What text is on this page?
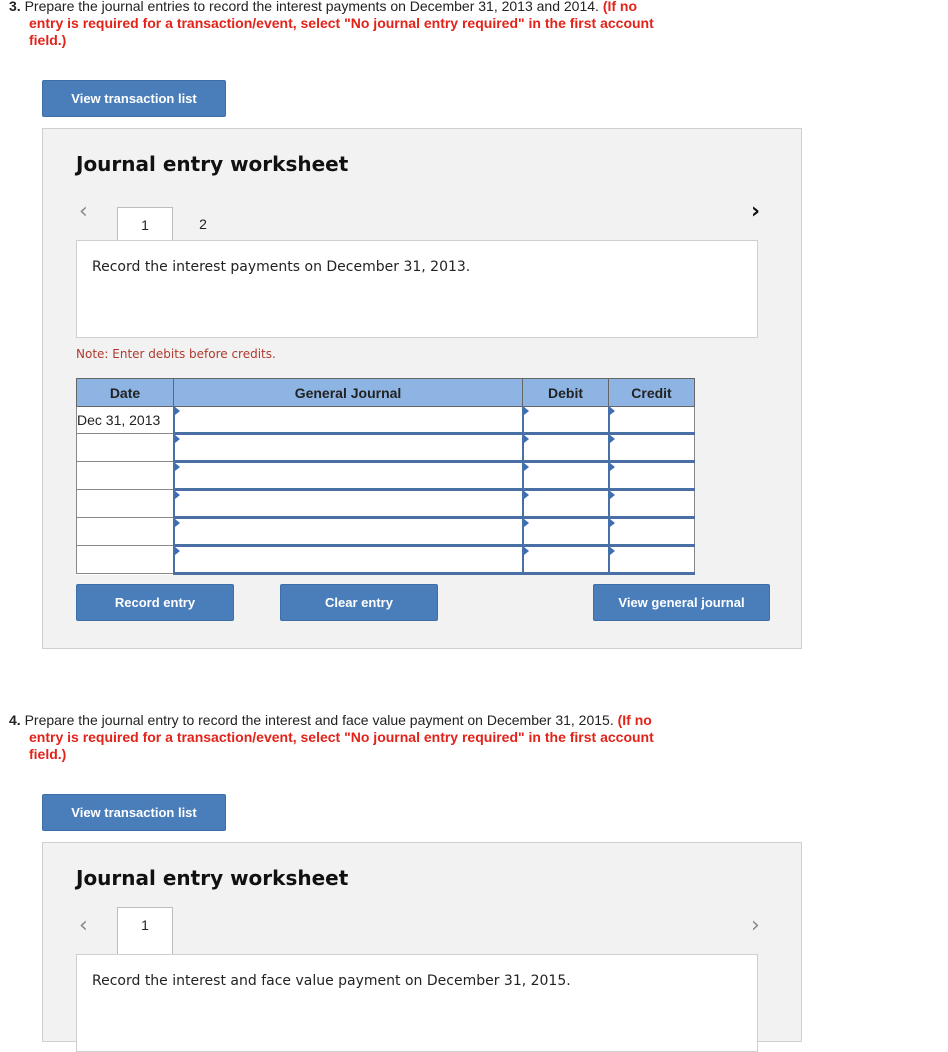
3. Prepare the journal entries to record the interest payments on December 31, 2013 and 2014. (If no
entry is required for a transaction/event, select "No journal entry required" in the first account
field.)
View transaction list
Journal entry worksheet
‹
1	2	›
Record the interest payments on December 31, 2013.
Note: Enter debits before credits.
Date	General Journal	Debit	Credit
Dec 31, 2013	

Record entry	Clear entry	View general journal
4. Prepare the journal entry to record the interest and face value payment on December 31, 2015. (If no
entry is required for a transaction/event, select "No journal entry required" in the first account
field.)
View transaction list
Journal entry worksheet
‹	1	›
Record the interest and face value payment on December 31, 2015.
